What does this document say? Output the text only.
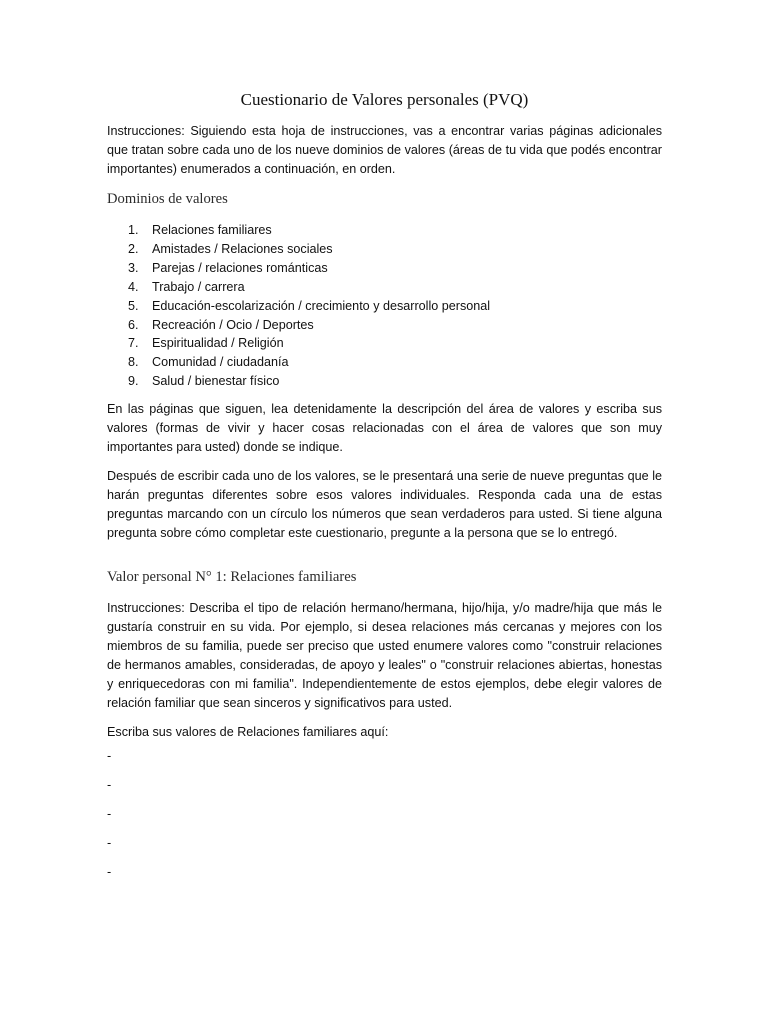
Cuestionario de Valores personales (PVQ)

Instrucciones: Siguiendo esta hoja de instrucciones, vas a encontrar varias páginas adicionales que tratan sobre cada uno de los nueve dominios de valores (áreas de tu vida que podés encontrar importantes) enumerados a continuación, en orden.

Dominios de valores
1.	Relaciones familiares
2.	Amistades / Relaciones sociales
3.	Parejas / relaciones románticas
4.	Trabajo / carrera
5.	Educación-escolarización / crecimiento y desarrollo personal
6.	Recreación / Ocio / Deportes
7.	Espiritualidad / Religión
8.	Comunidad / ciudadanía
9.	Salud / bienestar físico

En las páginas que siguen, lea detenidamente la descripción del área de valores y escriba sus valores (formas de vivir y hacer cosas relacionadas con el área de valores que son muy importantes para usted) donde se indique.

Después de escribir cada uno de los valores, se le presentará una serie de nueve preguntas que le harán preguntas diferentes sobre esos valores individuales. Responda cada una de estas preguntas marcando con un círculo los números que sean verdaderos para usted. Si tiene alguna pregunta sobre cómo completar este cuestionario, pregunte a la persona que se lo entregó.

Valor personal N° 1: Relaciones familiares

Instrucciones: Describa el tipo de relación hermano/hermana, hijo/hija, y/o madre/hija que más le gustaría construir en su vida. Por ejemplo, si desea relaciones más cercanas y mejores con los miembros de su familia, puede ser preciso que usted enumere valores como "construir relaciones de hermanos amables, consideradas, de apoyo y leales" o "construir relaciones abiertas, honestas y enriquecedoras con mi familia". Independientemente de estos ejemplos, debe elegir valores de relación familiar que sean sinceros y significativos para usted.

Escriba sus valores de Relaciones familiares aquí:

-
-
-
-
-
